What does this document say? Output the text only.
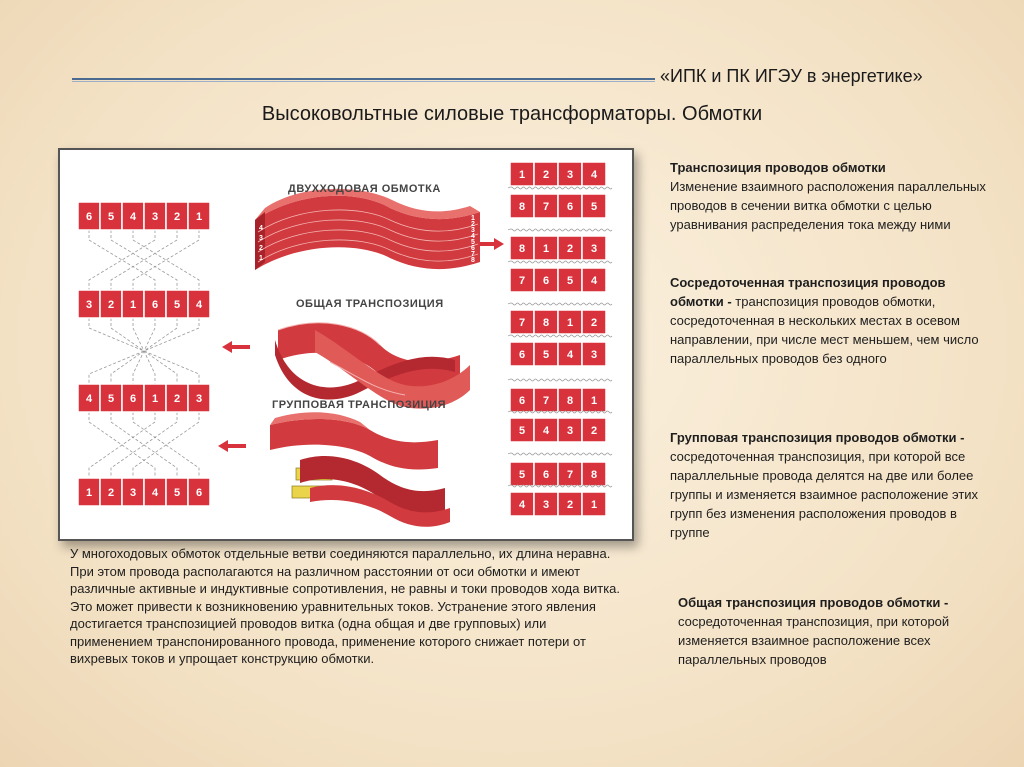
«ИПК и ПК ИГЭУ в энергетике»
Высоковольтные силовые трансформаторы. Обмотки
6 5 4 3 2 1
3 2 1 6 5 4
4 5 6 1 2 3
1 2 3 4 5 6
1 2 3 4
8 7 6 5
8 1 2 3
7 6 5 4
7 8 1 2
6 5 4 3
6 7 8 1
5 4 3 2
5 6 7 8
4 3 2 1
4
3
2
1
1
2
3
4
5
6
7
8
ДВУХХОДОВАЯ ОБМОТКА
ОБЩАЯ ТРАНСПОЗИЦИЯ
ГРУППОВАЯ ТРАНСПОЗИЦИЯ
У многоходовых обмоток отдельные ветви соединяются параллельно, их длина неравна. При этом провода располагаются на различном расстоянии от оси обмотки и имеют различные активные и индуктивные сопротивления, не равны и токи проводов хода витка. Это может привести к возникновению уравнительных токов. Устранение этого явления достигается транспозицией проводов витка (одна общая и две групповых) или применением транспонированного провода, применение которого снижает потери от вихревых токов и упрощает конструкцию обмотки.
Транспозиция проводов обмотки
Изменение взаимного расположения параллельных проводов в сечении витка обмотки с целью уравнивания распределения тока между ними
Сосредоточенная транспозиция проводов обмотки - транспозиция проводов обмотки, сосредоточенная в нескольких местах в осевом направлении, при числе мест меньшем, чем число параллельных проводов без одного
Групповая транспозиция проводов обмотки - сосредоточенная транспозиция, при которой все параллельные провода делятся на две или более группы и изменяется взаимное расположение этих групп без изменения расположения проводов в группе
Общая транспозиция проводов обмотки - сосредоточенная транспозиция, при которой изменяется взаимное расположение всех параллельных проводов
